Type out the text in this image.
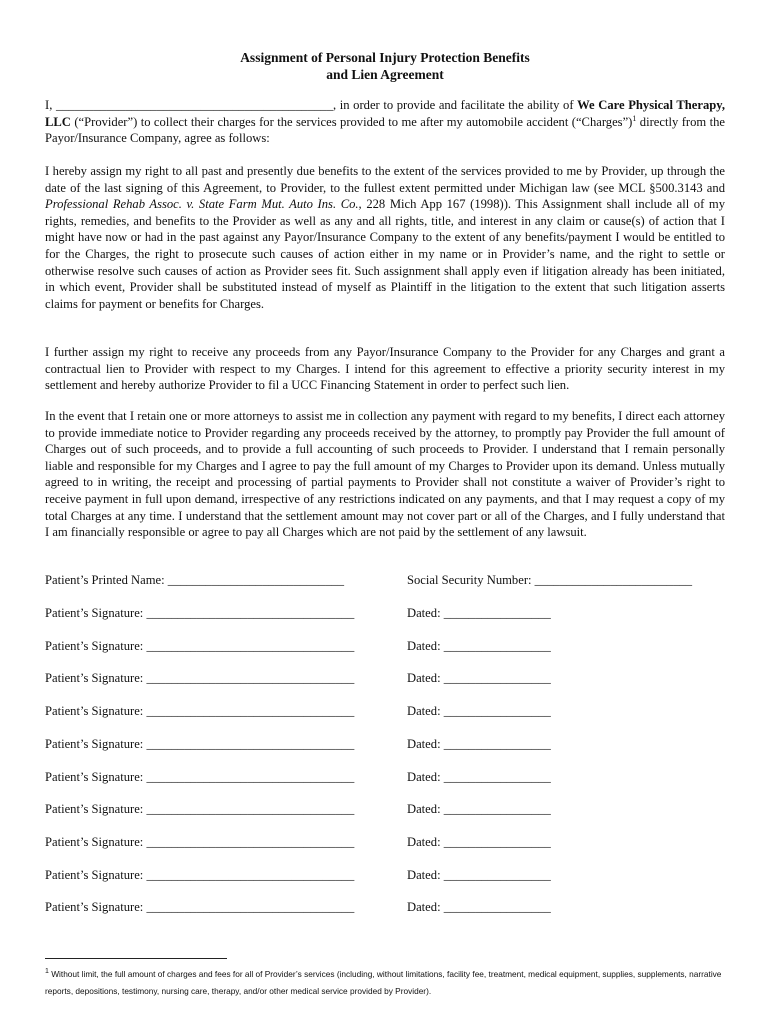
Assignment of Personal Injury Protection Benefits
and Lien Agreement
I, ____________________________________________, in order to provide and facilitate the ability of We Care Physical Therapy, LLC (“Provider”) to collect their charges for the services provided to me after my automobile accident (“Charges”)$^1$ directly from the Payor/Insurance Company, agree as follows:
I hereby assign my right to all past and presently due benefits to the extent of the services provided to me by Provider, up through the date of the last signing of this Agreement, to Provider, to the fullest extent permitted under Michigan law (see MCL §500.3143 and Professional Rehab Assoc. v. State Farm Mut. Auto Ins. Co., 228 Mich App 167 (1998)). This Assignment shall include all of my rights, remedies, and benefits to the Provider as well as any and all rights, title, and interest in any claim or cause(s) of action that I might have now or had in the past against any Payor/Insurance Company to the extent of any benefits/payment I would be entitled to for the Charges, the right to prosecute such causes of action either in my name or in Provider’s name, and the right to settle or otherwise resolve such causes of action as Provider sees fit. Such assignment shall apply even if litigation already has been initiated, in which event, Provider shall be substituted instead of myself as Plaintiff in the litigation to the extent that such litigation asserts claims for payment or benefits for Charges.
I further assign my right to receive any proceeds from any Payor/Insurance Company to the Provider for any Charges and grant a contractual lien to Provider with respect to my Charges. I intend for this agreement to effective a priority security interest in my settlement and hereby authorize Provider to fil a UCC Financing Statement in order to perfect such lien.
In the event that I retain one or more attorneys to assist me in collection any payment with regard to my benefits, I direct each attorney to provide immediate notice to Provider regarding any proceeds received by the attorney, to promptly pay Provider the full amount of Charges out of such proceeds, and to provide a full accounting of such proceeds to Provider. I understand that I remain personally liable and responsible for my Charges and I agree to pay the full amount of my Charges to Provider upon its demand. Unless mutually agreed to in writing, the receipt and processing of partial payments to Provider shall not constitute a waiver of Provider’s right to receive payment in full upon demand, irrespective of any restrictions indicated on any payments, and that I may request a copy of my total Charges at any time. I understand that the settlement amount may not cover part or all of the Charges, and I fully understand that I am financially responsible or agree to pay all Charges which are not paid by the settlement of any lawsuit.
Patient’s Printed Name: ____________________________	Social Security Number: _________________________
Patient’s Signature: _________________________________	Dated: _________________
Patient’s Signature: _________________________________	Dated: _________________
Patient’s Signature: _________________________________	Dated: _________________
Patient’s Signature: _________________________________	Dated: _________________
Patient’s Signature: _________________________________	Dated: _________________
Patient’s Signature: _________________________________	Dated: _________________
Patient’s Signature: _________________________________	Dated: _________________
Patient’s Signature: _________________________________	Dated: _________________
Patient’s Signature: _________________________________	Dated: _________________
Patient’s Signature: _________________________________	Dated: _________________
$^1$ Without limit, the full amount of charges and fees for all of Provider’s services (including, without limitations, facility fee, treatment, medical equipment, supplies, supplements, narrative reports, depositions, testimony, nursing care, therapy, and/or other medical service provided by Provider).
